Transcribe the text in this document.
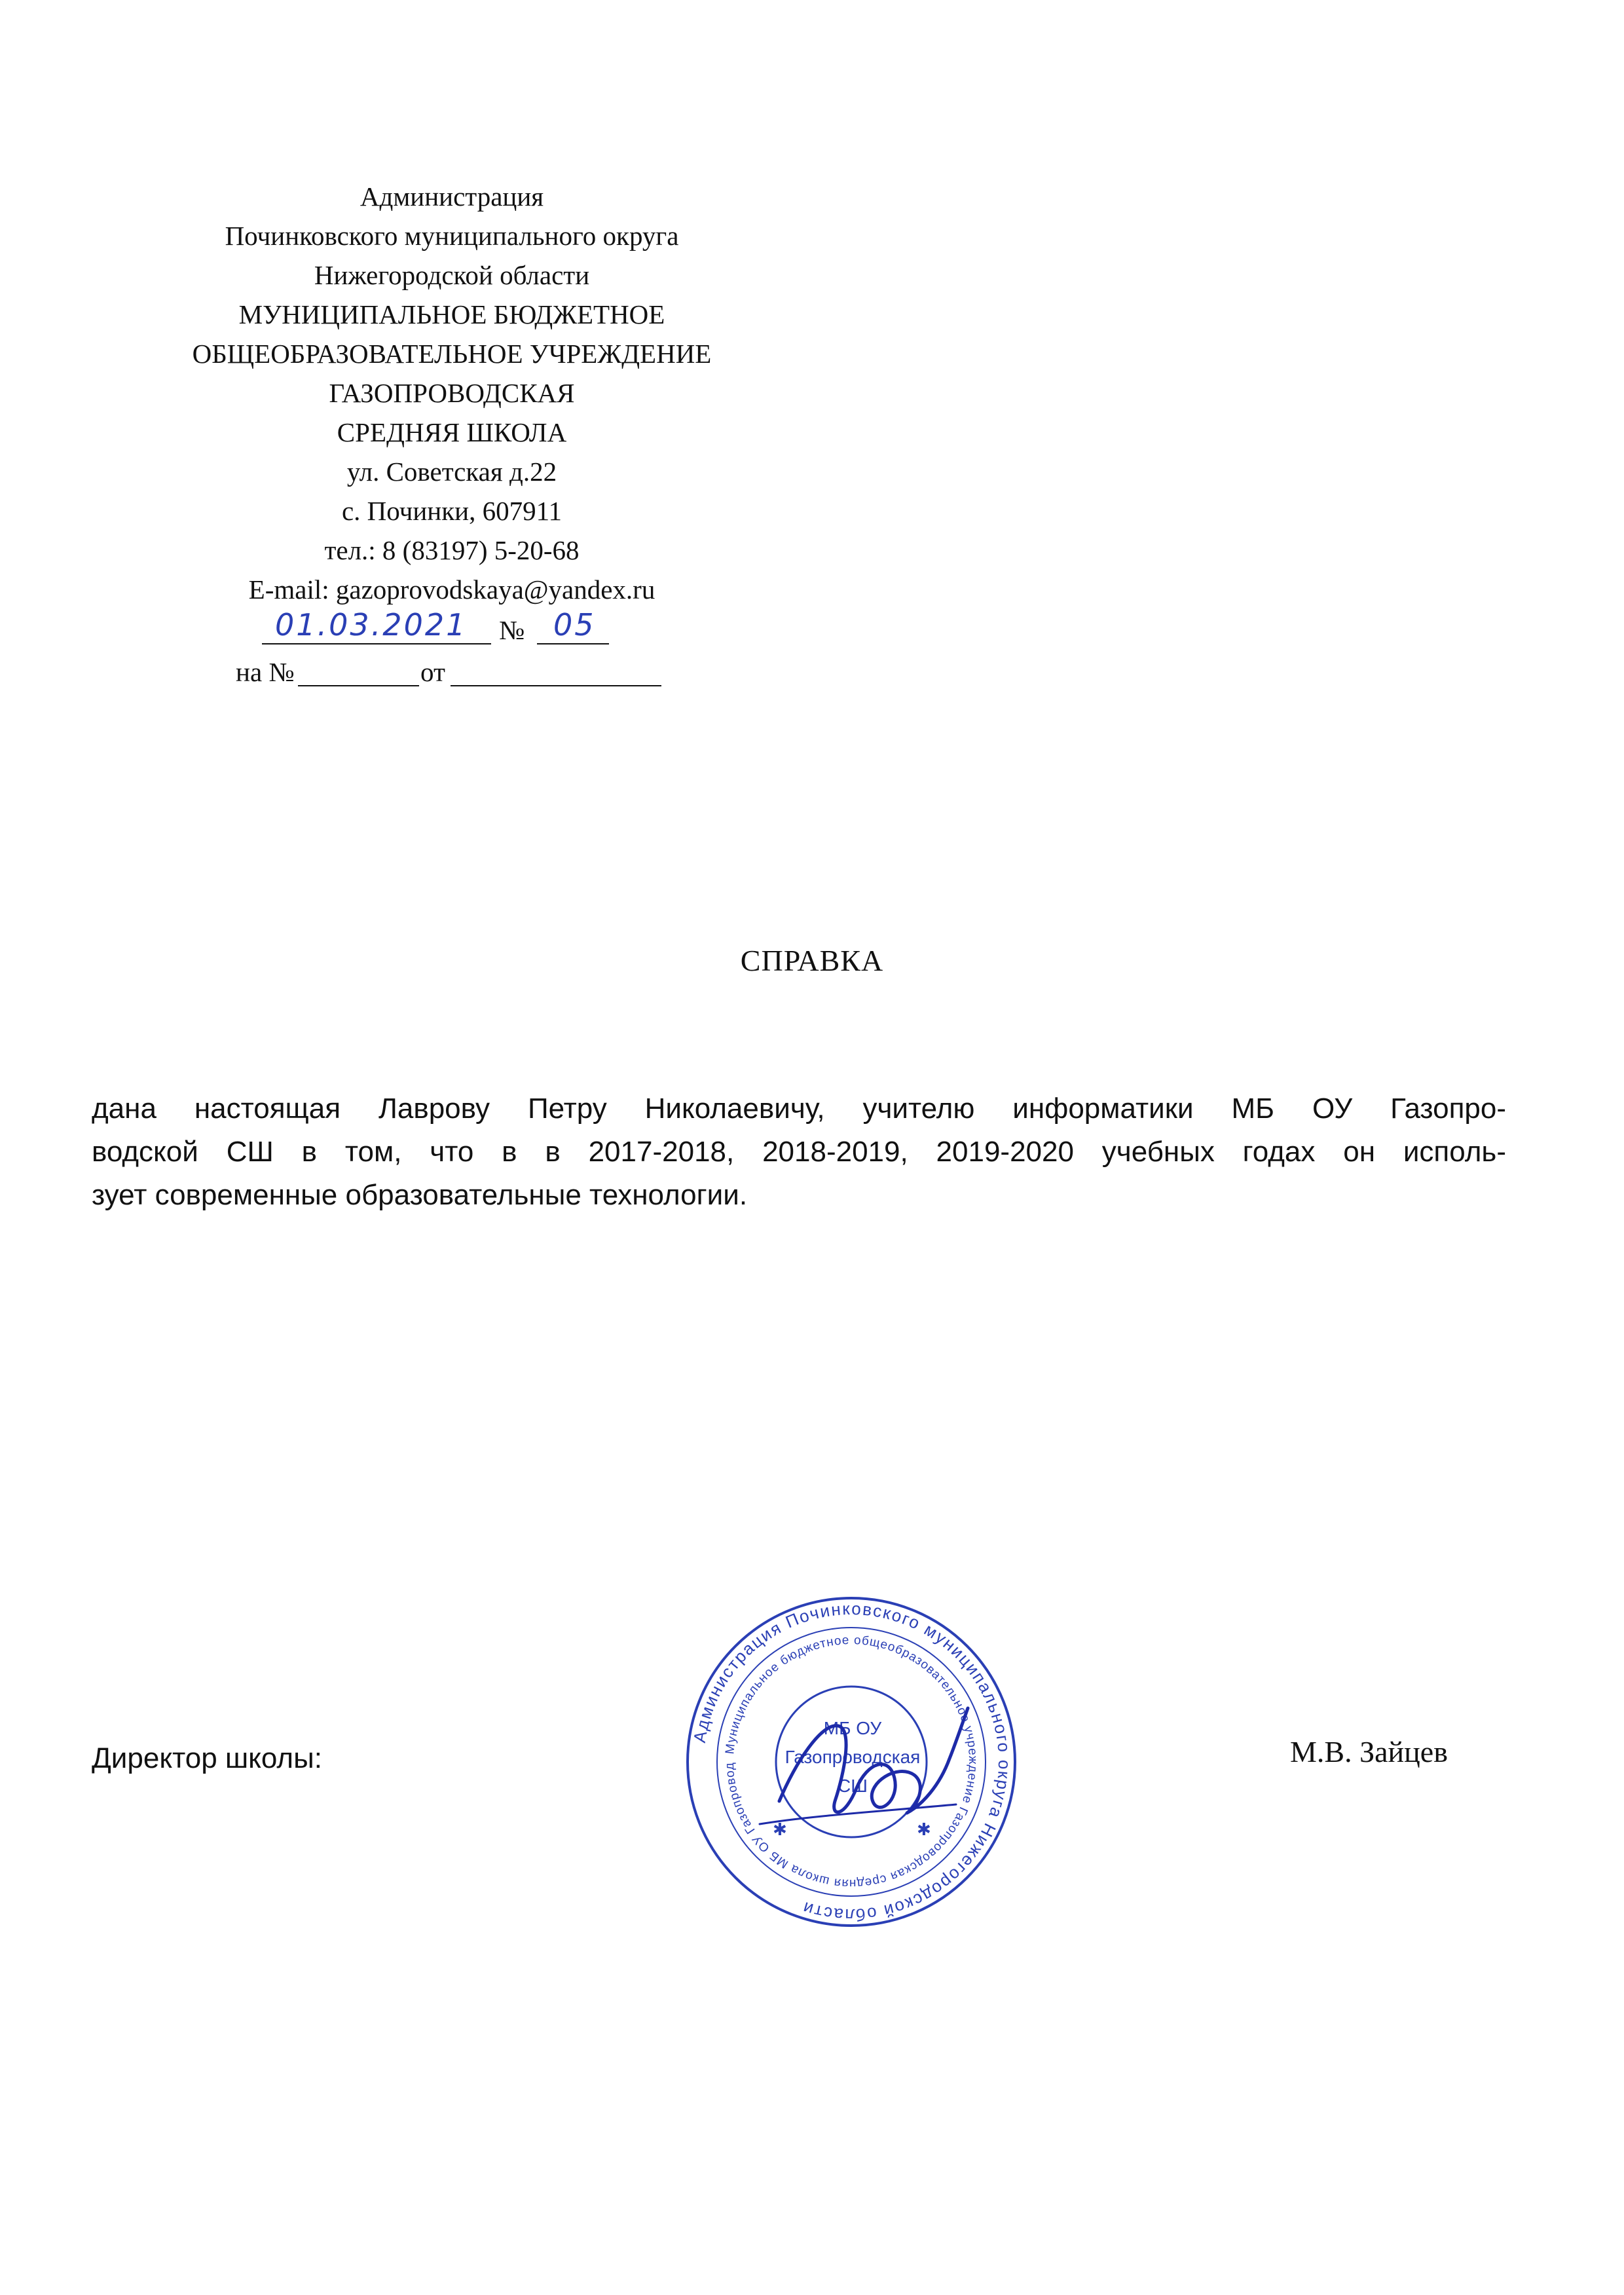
Администрация
Починковского муниципального округа
Нижегородской области
МУНИЦИПАЛЬНОЕ БЮДЖЕТНОЕ
ОБЩЕОБРАЗОВАТЕЛЬНОЕ УЧРЕЖДЕНИЕ
ГАЗОПРОВОДСКАЯ
СРЕДНЯЯ ШКОЛА
ул. Советская д.22
с. Починки, 607911
тел.: 8 (83197) 5-20-68
E-mail: gazoprovodskaya@yandex.ru
01.03.2021 № 05
на №	от
СПРАВКА
дана настоящая Лаврову Петру Николаевичу, учителю информатики МБ ОУ Газопро-
водской СШ в том, что в в 2017-2018, 2018-2019, 2019-2020 учебных годах он исполь-
зует современные образовательные технологии.
Директор школы:	М.В. Зайцев
Администрация Починковского муниципального округа Нижегородской области
Муниципальное бюджетное общеобразовательное учреждение Газопроводская средняя школа МБ ОУ Газопровод
МБ ОУ
Газопроводская
СШ
✱	✱
